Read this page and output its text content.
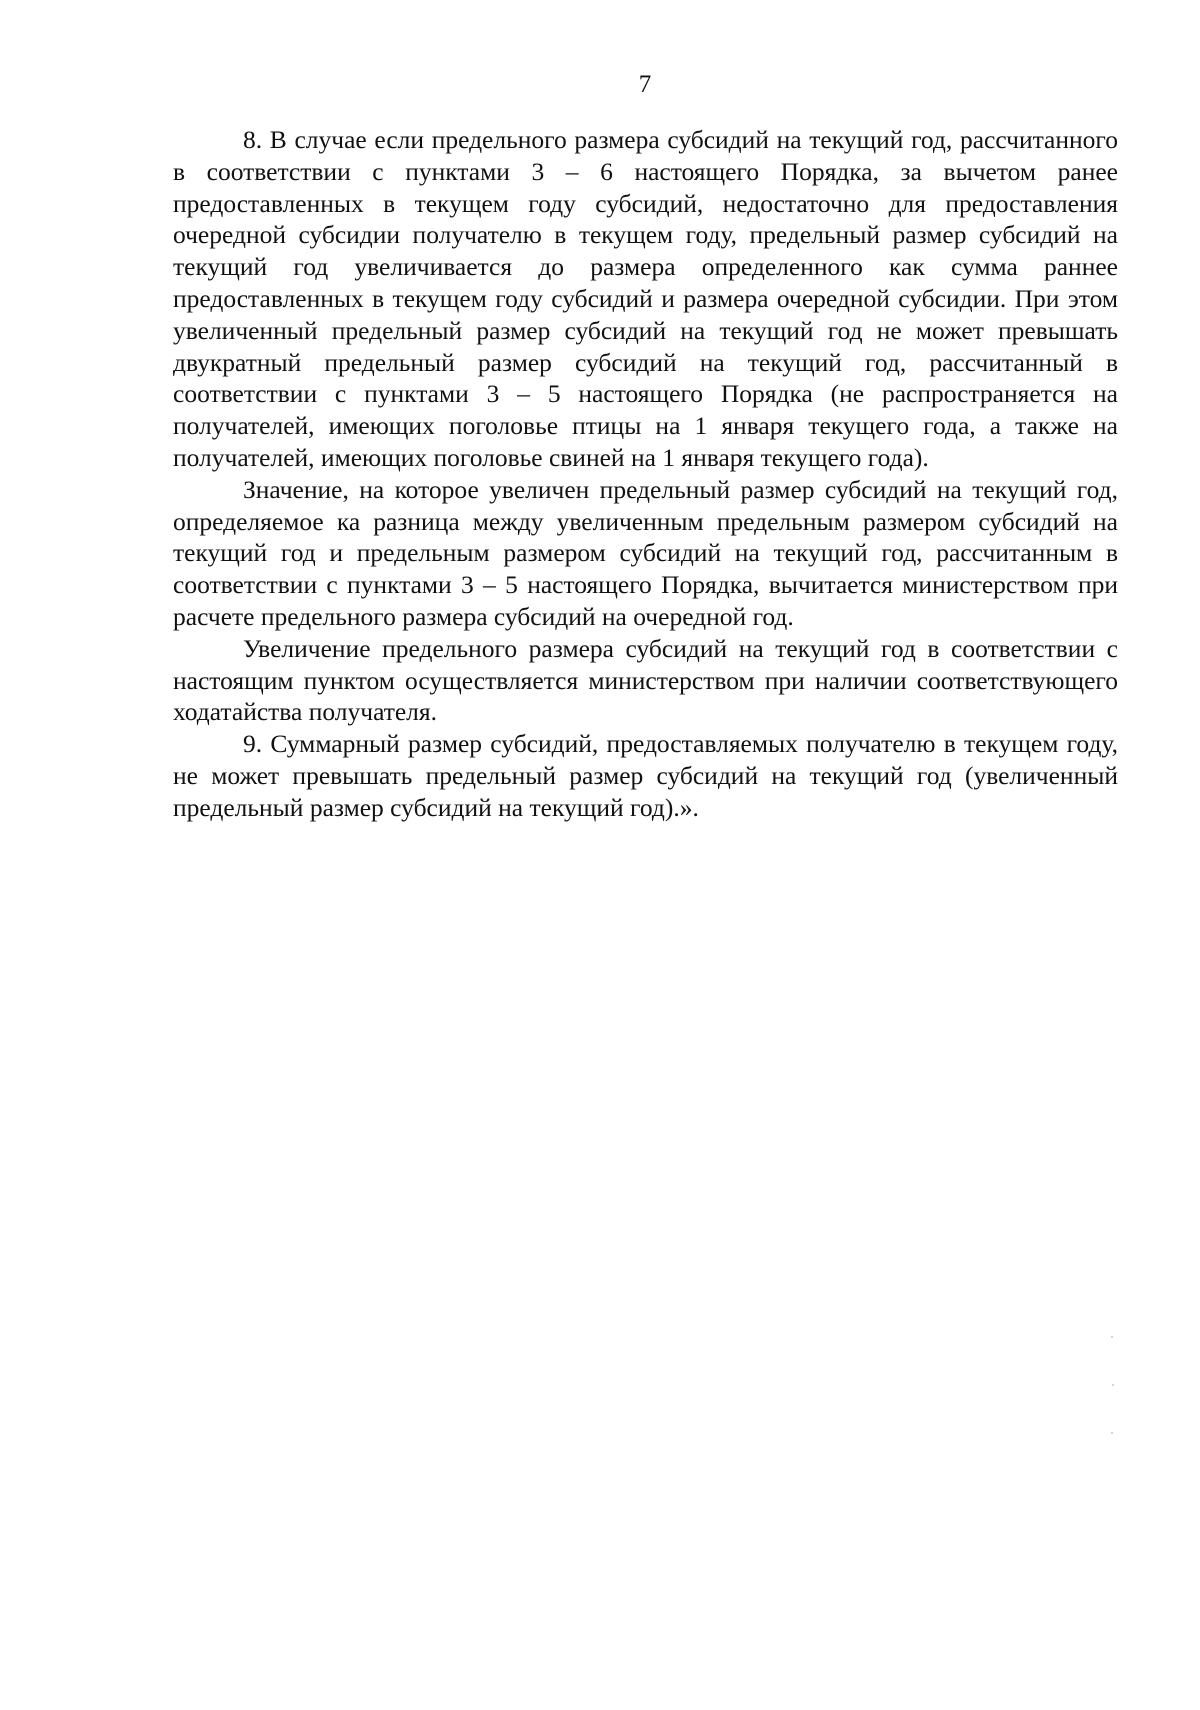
7

8. В случае если предельного размера субсидий на текущий год, рассчитанного в соответствии с пунктами 3 – 6 настоящего Порядка, за вычетом ранее предоставленных в текущем году субсидий, недостаточно для предоставления очередной субсидии получателю в текущем году, предельный размер субсидий на текущий год увеличивается до размера определенного как сумма раннее предоставленных в текущем году субсидий и размера очередной субсидии. При этом увеличенный предельный размер субсидий на текущий год не может превышать двукратный предельный размер субсидий на текущий год, рассчитанный в соответствии с пунктами 3 – 5 настоящего Порядка (не распространяется на получателей, имеющих поголовье птицы на 1 января текущего года, а также на получателей, имеющих поголовье свиней на 1 января текущего года).

Значение, на которое увеличен предельный размер субсидий на текущий год, определяемое ка разница между увеличенным предельным размером субсидий на текущий год и предельным размером субсидий на текущий год, рассчитанным в соответствии с пунктами 3 – 5 настоящего Порядка, вычитается министерством при расчете предельного размера субсидий на очередной год.

Увеличение предельного размера субсидий на текущий год в соответствии с настоящим пунктом осуществляется министерством при наличии соответствующего ходатайства получателя.

9. Суммарный размер субсидий, предоставляемых получателю в текущем году, не может превышать предельный размер субсидий на текущий год (увеличенный предельный размер субсидий на текущий год).».
